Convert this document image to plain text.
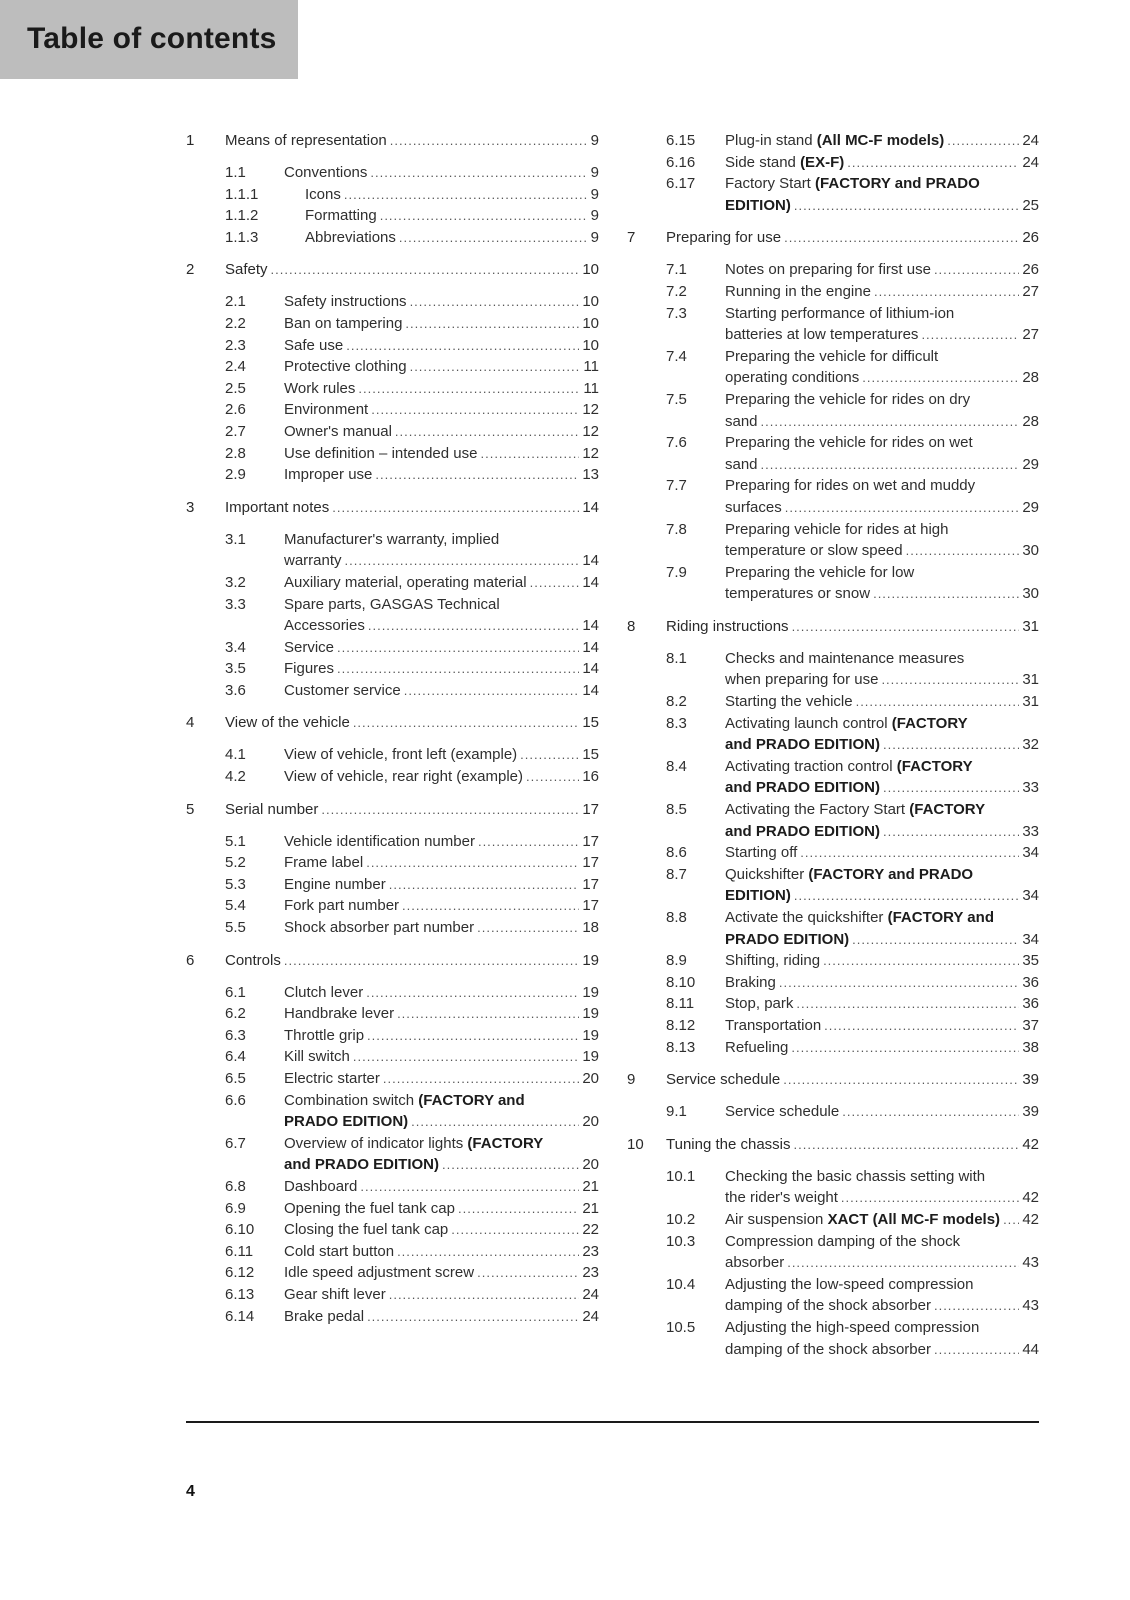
Table of contents
1	Means of representation .....	9
1.1	Conventions .....	9
1.1.1	Icons .....	9
1.1.2	Formatting .....	9
1.1.3	Abbreviations .....	9
2	Safety .....	10
2.1	Safety instructions .....	10
2.2	Ban on tampering .....	10
2.3	Safe use .....	10
2.4	Protective clothing .....	11
2.5	Work rules .....	11
2.6	Environment .....	12
2.7	Owner's manual .....	12
2.8	Use definition – intended use .....	12
2.9	Improper use .....	13
3	Important notes .....	14
3.1	Manufacturer's warranty, implied
warranty .....	14
3.2	Auxiliary material, operating material .....	14
3.3	Spare parts, GASGAS Technical
Accessories .....	14
3.4	Service .....	14
3.5	Figures .....	14
3.6	Customer service .....	14
4	View of the vehicle .....	15
4.1	View of vehicle, front left (example) .....	15
4.2	View of vehicle, rear right (example) .....	16
5	Serial number .....	17
5.1	Vehicle identification number .....	17
5.2	Frame label .....	17
5.3	Engine number .....	17
5.4	Fork part number .....	17
5.5	Shock absorber part number .....	18
6	Controls .....	19
6.1	Clutch lever .....	19
6.2	Handbrake lever .....	19
6.3	Throttle grip .....	19
6.4	Kill switch .....	19
6.5	Electric starter .....	20
6.6	Combination switch (FACTORY and
PRADO EDITION) .....	20
6.7	Overview of indicator lights (FACTORY
and PRADO EDITION) .....	20
6.8	Dashboard .....	21
6.9	Opening the fuel tank cap .....	21
6.10	Closing the fuel tank cap .....	22
6.11	Cold start button .....	23
6.12	Idle speed adjustment screw .....	23
6.13	Gear shift lever .....	24
6.14	Brake pedal .....	24
6.15	Plug-in stand (All MC-F models) .....	24
6.16	Side stand (EX-F) .....	24
6.17	Factory Start (FACTORY and PRADO
EDITION) .....	25
7	Preparing for use .....	26
7.1	Notes on preparing for first use .....	26
7.2	Running in the engine .....	27
7.3	Starting performance of lithium-ion
batteries at low temperatures .....	27
7.4	Preparing the vehicle for difficult
operating conditions .....	28
7.5	Preparing the vehicle for rides on dry
sand .....	28
7.6	Preparing the vehicle for rides on wet
sand .....	29
7.7	Preparing for rides on wet and muddy
surfaces .....	29
7.8	Preparing vehicle for rides at high
temperature or slow speed .....	30
7.9	Preparing the vehicle for low
temperatures or snow .....	30
8	Riding instructions .....	31
8.1	Checks and maintenance measures
when preparing for use .....	31
8.2	Starting the vehicle .....	31
8.3	Activating launch control (FACTORY
and PRADO EDITION) .....	32
8.4	Activating traction control (FACTORY
and PRADO EDITION) .....	33
8.5	Activating the Factory Start (FACTORY
and PRADO EDITION) .....	33
8.6	Starting off .....	34
8.7	Quickshifter (FACTORY and PRADO
EDITION) .....	34
8.8	Activate the quickshifter (FACTORY and
PRADO EDITION) .....	34
8.9	Shifting, riding .....	35
8.10	Braking .....	36
8.11	Stop, park .....	36
8.12	Transportation .....	37
8.13	Refueling .....	38
9	Service schedule .....	39
9.1	Service schedule .....	39
10	Tuning the chassis .....	42
10.1	Checking the basic chassis setting with
the rider's weight .....	42
10.2	Air suspension XACT (All MC-F models) ..... 42
10.3	Compression damping of the shock
absorber .....	43
10.4	Adjusting the low-speed compression
damping of the shock absorber .....	43
10.5	Adjusting the high-speed compression
damping of the shock absorber .....	44
4
